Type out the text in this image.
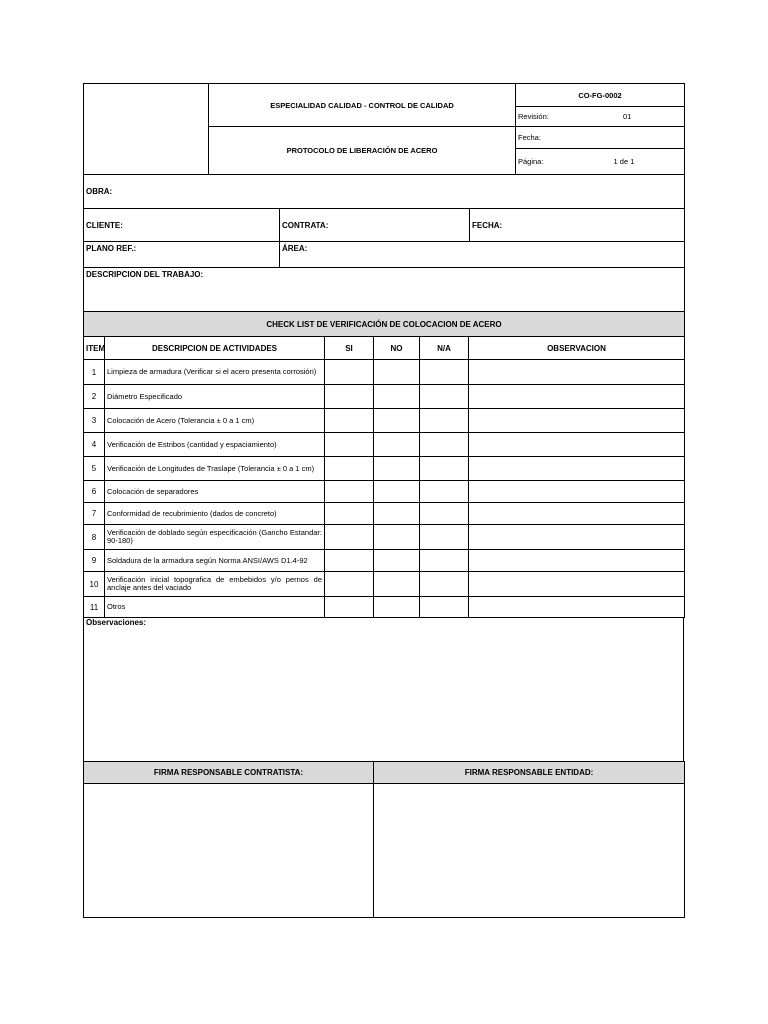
	ESPECIALIDAD CALIDAD - CONTROL DE CALIDAD	CO-FG-0002
		Revisión: 01
	PROTOCOLO DE LIBERACIÓN DE ACERO	Fecha:
		Página: 1 de 1
OBRA:		
CLIENTE:	CONTRATA:	FECHA:
PLANO REF.:	ÁREA:	
DESCRIPCION DEL TRABAJO:		
CHECK LIST DE VERIFICACIÓN DE COLOCACION DE ACERO					
ITEM	DESCRIPCION DE ACTIVIDADES	SI	NO	N/A	OBSERVACION
1	Limpieza de armadura (Verificar si el acero presenta corrosión)				
2	Diámetro Especificado				
3	Colocación de Acero (Tolerancia ± 0 a 1 cm)				
4	Verificación de Estribos (cantidad y espaciamiento)				
5	Verificación de Longitudes de Traslape (Tolerancia ± 0 a 1 cm)				
6	Colocación de separadores				
7	Conformidad de recubrimiento (dados de concreto)				
8	Verificación de doblado según especificación (Gancho Estandar: 90-180)				
9	Soldadura de la armadura según Norma ANSI/AWS D1.4-92				
10	Verificación inicial topografica de embebidos y/o pernos de anclaje antes del vaciado				
11	Otros				
Observaciones:
FIRMA RESPONSABLE CONTRATISTA:	FIRMA RESPONSABLE ENTIDAD:
